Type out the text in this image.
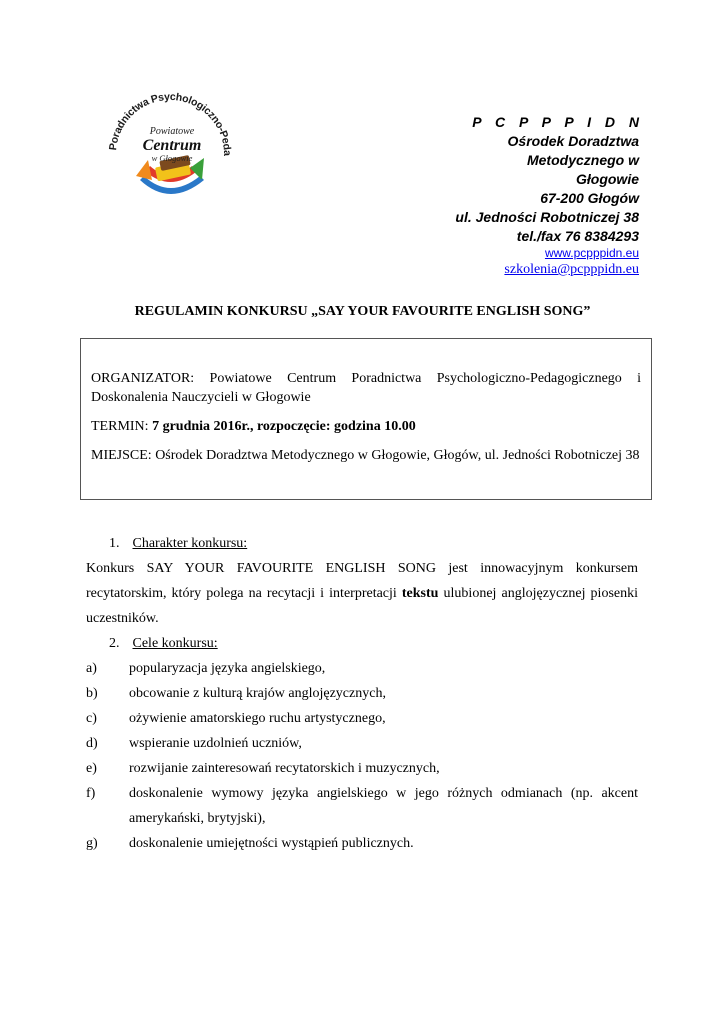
Poradnictwa Psychologiczno-Peda
Powiatowe
Centrum
w Głogowie
P C P P P I D N
Ośrodek Doradztwa
Metodycznego w
Głogowie
67-200 Głogów
ul. Jedności Robotniczej 38
tel./fax 76 8384293
www.pcpppidn.eu
szkolenia@pcpppidn.eu
REGULAMIN KONKURSU „SAY YOUR FAVOURITE ENGLISH SONG”

ORGANIZATOR: Powiatowe Centrum Poradnictwa Psychologiczno-Pedagogicznego i Doskonalenia Nauczycieli w Głogowie

TERMIN: 7 grudnia 2016r., rozpoczęcie: godzina 10.00

MIEJSCE: Ośrodek Doradztwa Metodycznego w Głogowie, Głogów, ul. Jedności Robotniczej 38

1. Charakter konkursu:
Konkurs SAY YOUR FAVOURITE ENGLISH SONG jest innowacyjnym konkursem recytatorskim, który polega na recytacji i interpretacji tekstu ulubionej anglojęzycznej piosenki uczestników.
2. Cele konkursu:
a) popularyzacja języka angielskiego,
b) obcowanie z kulturą krajów anglojęzycznych,
c) ożywienie amatorskiego ruchu artystycznego,
d) wspieranie uzdolnień uczniów,
e) rozwijanie zainteresowań recytatorskich i muzycznych,
f) doskonalenie wymowy języka angielskiego w jego różnych odmianach (np. akcent amerykański, brytyjski),
g) doskonalenie umiejętności wystąpień publicznych.
